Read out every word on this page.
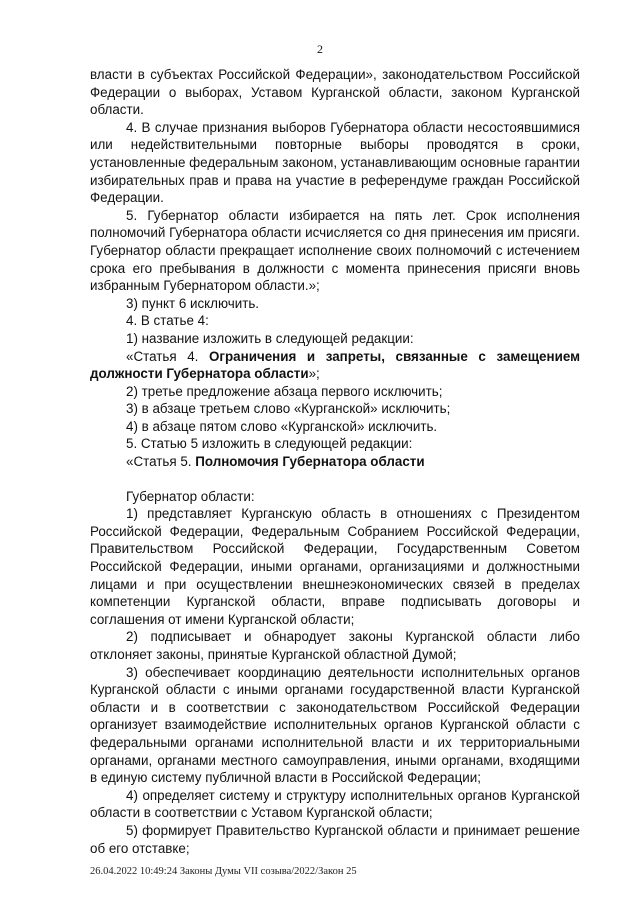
2

власти в субъектах Российской Федерации», законодательством Российской Федерации о выборах, Уставом Курганской области, законом Курганской области.

4. В случае признания выборов Губернатора области несостоявшимися или недействительными повторные выборы проводятся в сроки, установленные федеральным законом, устанавливающим основные гарантии избирательных прав и права на участие в референдуме граждан Российской Федерации.

5. Губернатор области избирается на пять лет. Срок исполнения полномочий Губернатора области исчисляется со дня принесения им присяги. Губернатор области прекращает исполнение своих полномочий с истечением срока его пребывания в должности с момента принесения присяги вновь избранным Губернатором области.»;

3) пункт 6 исключить.

4. В статье 4:

1) название изложить в следующей редакции:

«Статья 4. Ограничения и запреты, связанные с замещением должности Губернатора области»;

2) третье предложение абзаца первого исключить;

3) в абзаце третьем слово «Курганской» исключить;

4) в абзаце пятом слово «Курганской» исключить.

5. Статью 5 изложить в следующей редакции:

«Статья 5. Полномочия Губернатора области

Губернатор области:

1) представляет Курганскую область в отношениях с Президентом Российской Федерации, Федеральным Собранием Российской Федерации, Правительством Российской Федерации, Государственным Советом Российской Федерации, иными органами, организациями и должностными лицами и при осуществлении внешнеэкономических связей в пределах компетенции Курганской области, вправе подписывать договоры и соглашения от имени Курганской области;

2) подписывает и обнародует законы Курганской области либо отклоняет законы, принятые Курганской областной Думой;

3) обеспечивает координацию деятельности исполнительных органов Курганской области с иными органами государственной власти Курганской области и в соответствии с законодательством Российской Федерации организует взаимодействие исполнительных органов Курганской области с федеральными органами исполнительной власти и их территориальными органами, органами местного самоуправления, иными органами, входящими в единую систему публичной власти в Российской Федерации;

4) определяет систему и структуру исполнительных органов Курганской области в соответствии с Уставом Курганской области;

5) формирует Правительство Курганской области и принимает решение об его отставке;

26.04.2022 10:49:24 Законы Думы VII созыва/2022/Закон 25
